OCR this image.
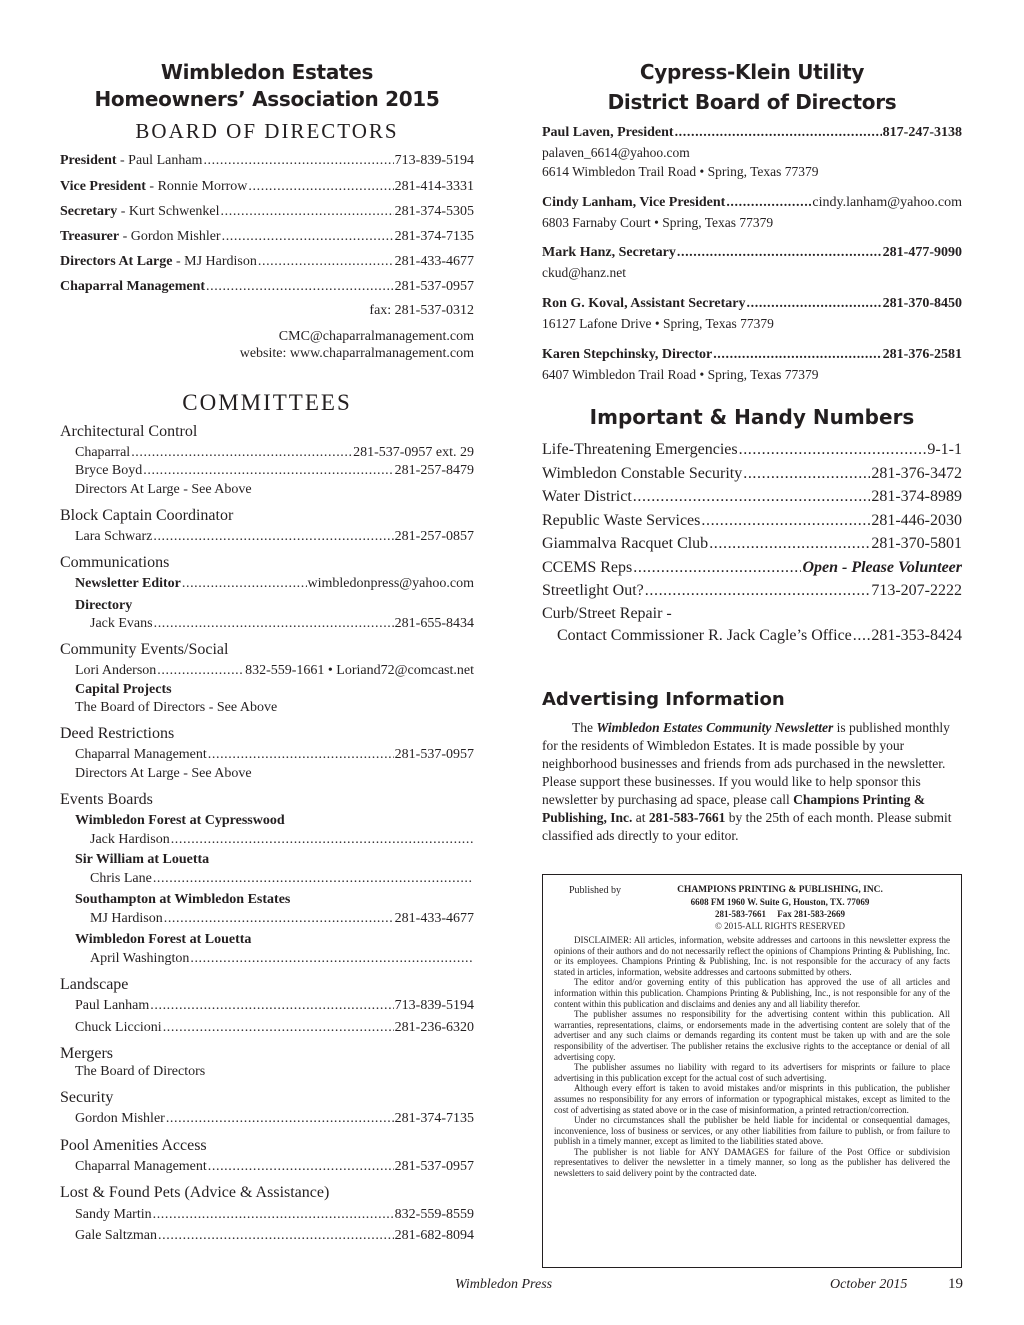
Wimbledon Estates
Homeowners’ Association 2015
BOARD OF DIRECTORS
President - Paul Lanham .....	713-839-5194
Vice President - Ronnie Morrow .....	281-414-3331
Secretary - Kurt Schwenkel .....	281-374-5305
Treasurer - Gordon Mishler .....	281-374-7135
Directors At Large - MJ Hardison .....	281-433-4677
Chaparral Management .....	281-537-0957
fax: 281-537-0312
CMC@chaparralmanagement.com
website: www.chaparralmanagement.com
COMMITTEES
Architectural Control
Chaparral .....	281-537-0957 ext. 29
Bryce Boyd .....	281-257-8479
Directors At Large - See Above
Block Captain Coordinator
Lara Schwarz .....	281-257-0857
Communications
Newsletter Editor .....	wimbledonpress@yahoo.com
Directory
Jack Evans .....	281-655-8434
Community Events/Social
Lori Anderson .....	832-559-1661 • Loriand72@comcast.net
Capital Projects
The Board of Directors - See Above
Deed Restrictions
Chaparral Management .....	281-537-0957
Directors At Large - See Above
Events Boards
Wimbledon Forest at Cypresswood
Jack Hardison
.....
Sir William at Louetta
Chris Lane
.....
Southampton at Wimbledon Estates
MJ Hardison .....	281-433-4677
Wimbledon Forest at Louetta
April Washington
.....
Landscape
Paul Lanham .....	713-839-5194
Chuck Liccioni .....	281-236-6320
Mergers
The Board of Directors
Security
Gordon Mishler .....	281-374-7135
Pool Amenities Access
Chaparral Management .....	281-537-0957
Lost & Found Pets (Advice & Assistance)
Sandy Martin .....	832-559-8559
Gale Saltzman .....	281-682-8094
Cypress-Klein Utility
District Board of Directors
Paul Laven, President .....	817-247-3138
palaven_6614@yahoo.com
6614 Wimbledon Trail Road • Spring, Texas 77379
Cindy Lanham, Vice President .....	cindy.lanham@yahoo.com
6803 Farnaby Court • Spring, Texas 77379
Mark Hanz, Secretary .....	281-477-9090
ckud@hanz.net
Ron G. Koval, Assistant Secretary .....	281-370-8450
16127 Lafone Drive • Spring, Texas 77379
Karen Stepchinsky, Director .....	281-376-2581
6407 Wimbledon Trail Road • Spring, Texas 77379
Important & Handy Numbers
Life-Threatening Emergencies .....	9-1-1
Wimbledon Constable Security .....	281-376-3472
Water District .....	281-374-8989
Republic Waste Services .....	281-446-2030
Giammalva Racquet Club .....	281-370-5801
CCEMS Reps .....	Open - Please Volunteer
Streetlight Out? .....	713-207-2222
Curb/Street Repair -
Contact Commissioner R. Jack Cagle’s Office ..... 281-353-8424
Advertising Information
The Wimbledon Estates Community Newsletter is published monthly for the residents of Wimbledon Estates. It is made possible by your neighborhood businesses and friends from ads purchased in the newsletter. Please support these businesses. If you would like to help sponsor this newsletter by purchasing ad space, please call Champions Printing & Publishing, Inc. at 281-583-7661 by the 25th of each month. Please submit classified ads directly to your editor.
Published by	CHAMPIONS PRINTING & PUBLISHING, INC.
6608 FM 1960 W. Suite G, Houston, TX. 77069
281-583-7661     Fax 281-583-2669
© 2015-ALL RIGHTS RESERVED

DISCLAIMER: All articles, information, website addresses and cartoons in this newsletter express the opinions of their authors and do not necessarily reflect the opinions of Champions Printing & Publishing, Inc. or its employees. Champions Printing & Publishing, Inc. is not responsible for the accuracy of any facts stated in articles, information, website addresses and cartoons submitted by others.

The editor and/or governing entity of this publication has approved the use of all articles and information within this publication. Champions Printing & Publishing, Inc., is not responsible for any of the content within this publication and disclaims and denies any and all liability therefor.

The publisher assumes no responsibility for the advertising content within this publication. All warranties, representations, claims, or endorsements made in the advertising content are solely that of the advertiser and any such claims or demands regarding its content must be taken up with and are the sole responsibility of the advertiser. The publisher retains the exclusive rights to the acceptance or denial of all advertising copy.

The publisher assumes no liability with regard to its advertisers for misprints or failure to place advertising in this publication except for the actual cost of such advertising.

Although every effort is taken to avoid mistakes and/or misprints in this publication, the publisher assumes no responsibility for any errors of information or typographical mistakes, except as limited to the cost of advertising as stated above or in the case of misinformation, a printed retraction/correction.

Under no circumstances shall the publisher be held liable for incidental or consequential damages, inconvenience, loss of business or services, or any other liabilities from failure to publish, or from failure to publish in a timely manner, except as limited to the liabilities stated above.

The publisher is not liable for ANY DAMAGES for failure of the Post Office or subdivision representatives to deliver the newsletter in a timely manner, so long as the publisher has delivered the newsletters to said delivery point by the contracted date.

Wimbledon Press	October 2015	19
